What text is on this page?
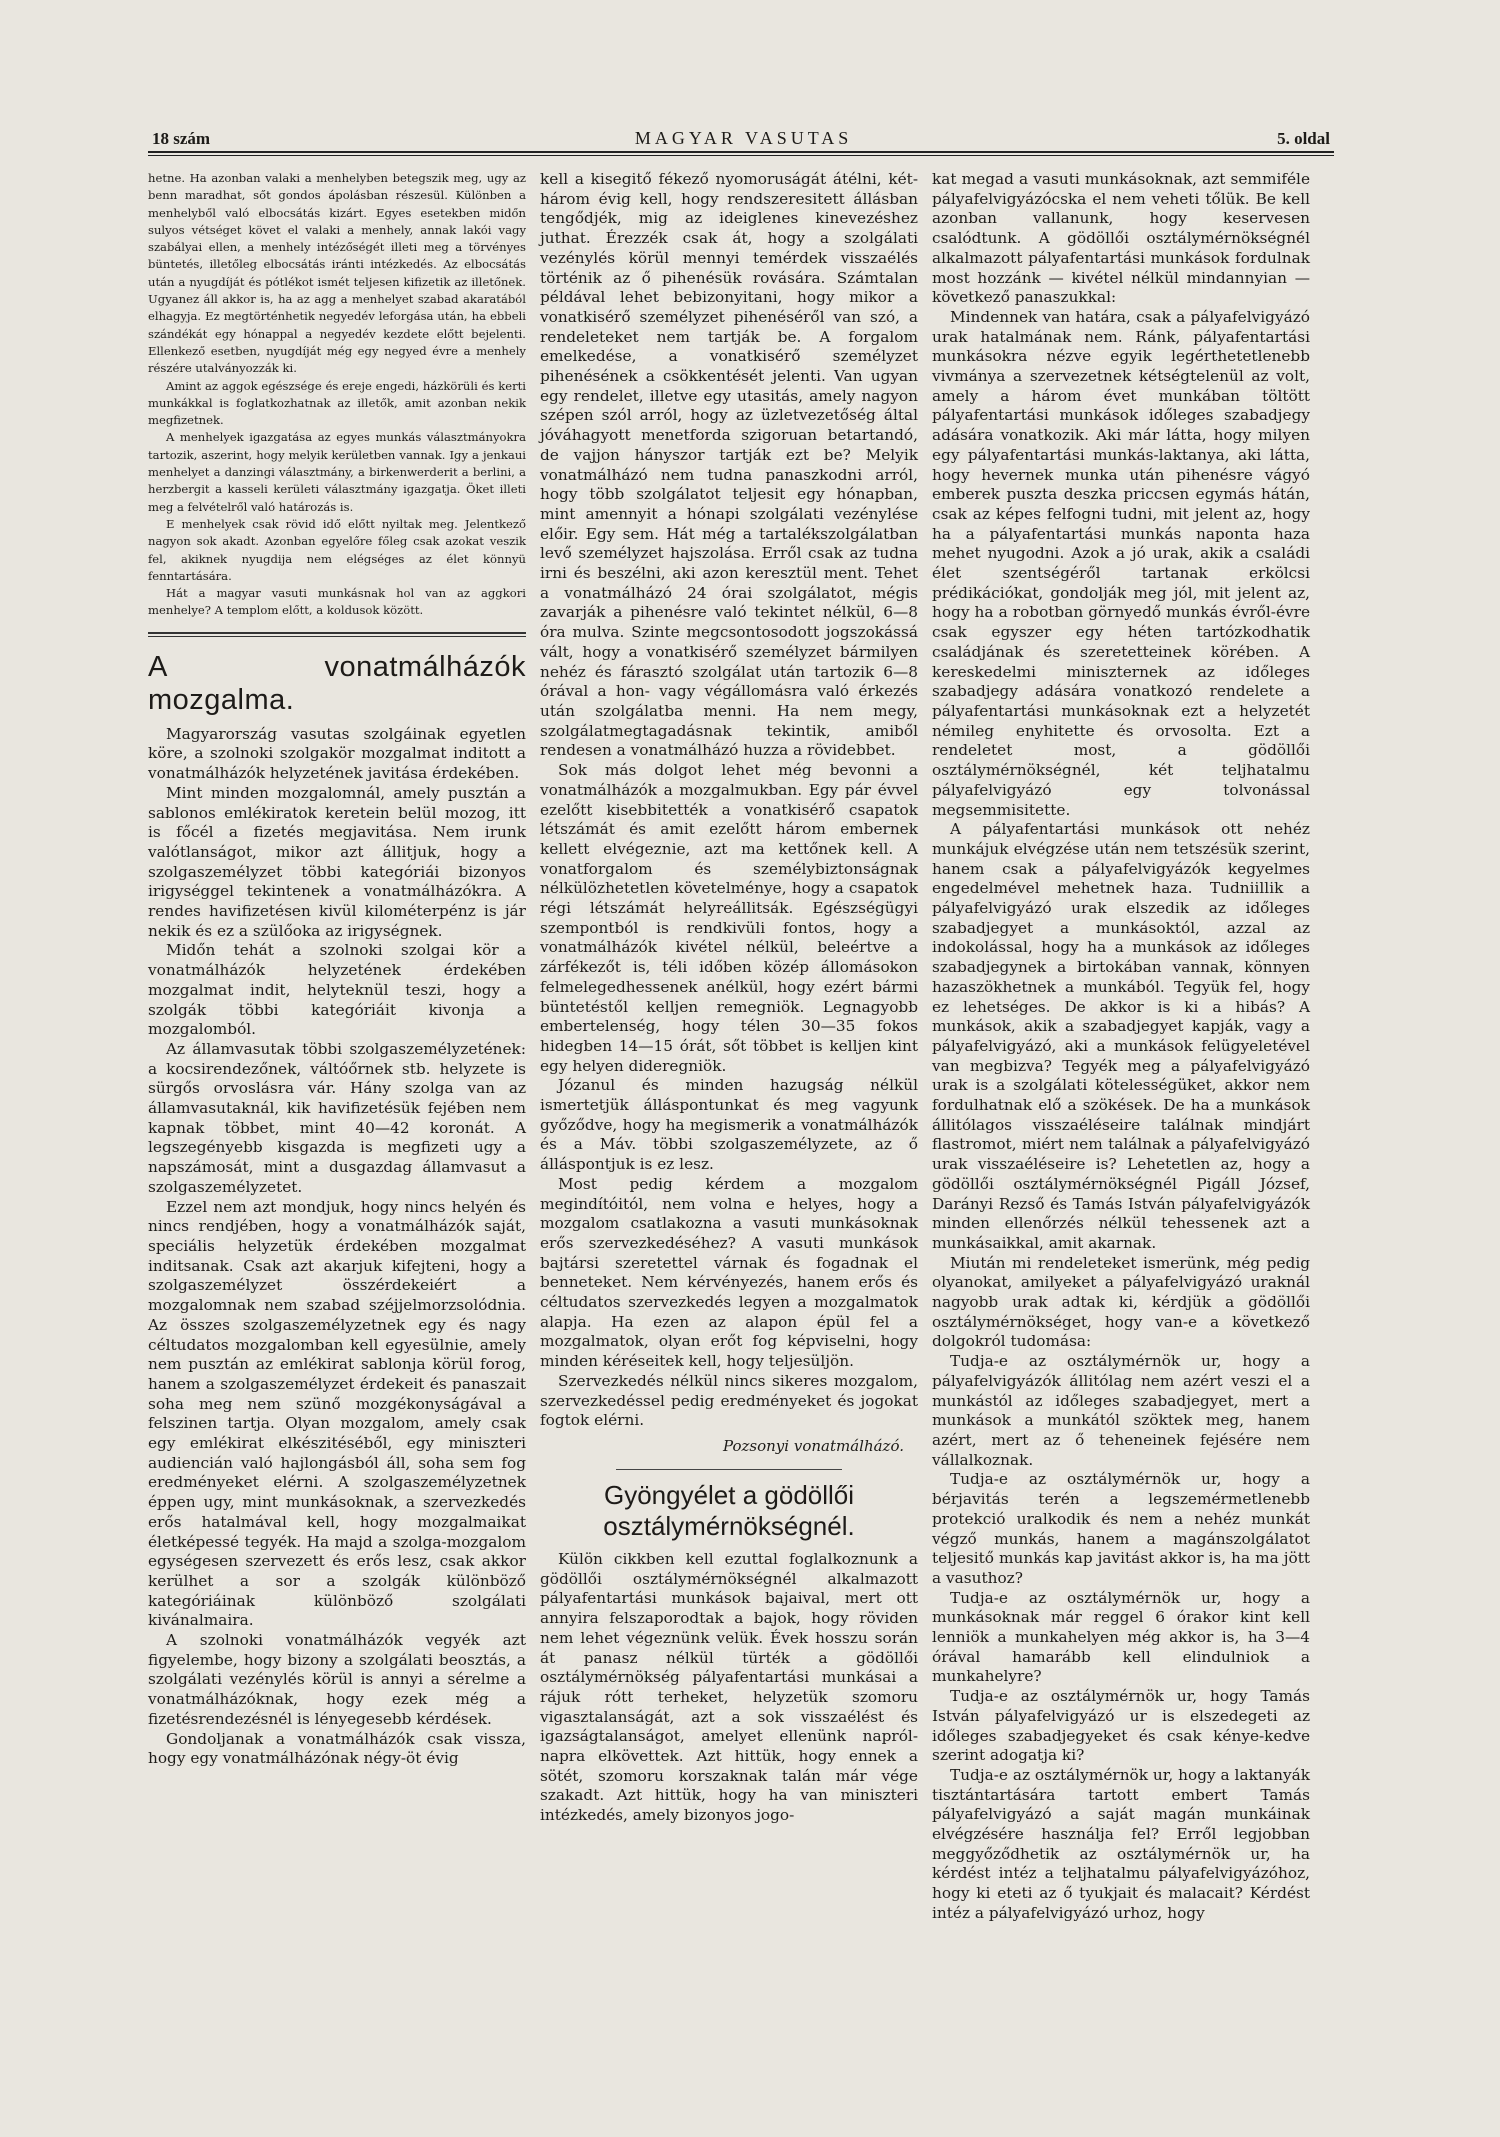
18 szám	MAGYAR VASUTAS	5. oldal

hetne. Ha azonban valaki a menhelyben betegszik meg, ugy az benn maradhat, sőt gondos ápolásban részesül. Különben a menhelyből való elbocsátás kizárt. Egyes esetekben midőn sulyos vétséget követ el valaki a menhely, annak lakói vagy szabályai ellen, a menhely intézőségét illeti meg a törvényes büntetés, illetőleg elbocsátás iránti intézkedés. Az elbocsátás után a nyugdíját és pótlékot ismét teljesen kifizetik az illetőnek. Ugyanez áll akkor is, ha az agg a menhelyet szabad akaratából elhagyja. Ez megtörténhetik negyedév leforgása után, ha ebbeli szándékát egy hónappal a negyedév kezdete előtt bejelenti. Ellenkező esetben, nyugdíját még egy negyed évre a menhely részére utalványozzák ki.

Amint az aggok egészsége és ereje engedi, házkörüli és kerti munkákkal is foglatkozhatnak az illetők, amit azonban nekik megfizetnek.

A menhelyek igazgatása az egyes munkás választmányokra tartozik, aszerint, hogy melyik kerületben vannak. Igy a jenkaui menhelyet a danzingi választmány, a birkenwerderit a berlini, a herzbergit a kasseli kerületi választmány igazgatja. Öket illeti meg a felvételről való határozás is.

E menhelyek csak rövid idő előtt nyiltak meg. Jelentkező nagyon sok akadt. Azonban egyelőre főleg csak azokat veszik fel, akiknek nyugdija nem elégséges az élet könnyü fenntartására.

Hát a magyar vasuti munkásnak hol van az aggkori menhelye? A templom előtt, a koldusok között.

A vonatmálházók mozgalma.

Magyarország vasutas szolgáinak egyetlen köre, a szolnoki szolgakör mozgalmat inditott a vonatmálházók helyzetének javitása érdekében.

Mint minden mozgalomnál, amely pusztán a sablonos emlékiratok keretein belül mozog, itt is főcél a fizetés megjavitása. Nem irunk valótlanságot, mikor azt állitjuk, hogy a szolgaszemélyzet többi kategóriái bizonyos irigységgel tekintenek a vonatmálházókra. A rendes havifizetésen kivül kilométerpénz is jár nekik és ez a szülőoka az irigységnek.

Midőn tehát a szolnoki szolgai kör a vonatmálházók helyzetének érdekében mozgalmat indit, helyteknül teszi, hogy a szolgák többi kategóriáit kivonja a mozgalomból.

Az államvasutak többi szolgaszemélyzetének: a kocsirendezőnek, váltóőrnek stb. helyzete is sürgős orvoslásra vár. Hány szolga van az államvasutaknál, kik havifizetésük fejében nem kapnak többet, mint 40—42 koronát. A legszegényebb kisgazda is megfizeti ugy a napszámosát, mint a dusgazdag államvasut a szolgaszemélyzetet.

Ezzel nem azt mondjuk, hogy nincs helyén és nincs rendjében, hogy a vonatmálházók saját, speciális helyzetük érdekében mozgalmat inditsanak. Csak azt akarjuk kifejteni, hogy a szolgaszemélyzet összérdekeiért a mozgalomnak nem szabad széjjelmorzsolódnia. Az összes szolgaszemélyzetnek egy és nagy céltudatos mozgalomban kell egyesülnie, amely nem pusztán az emlékirat sablonja körül forog, hanem a szolgaszemélyzet érdekeit és panaszait soha meg nem szünő mozgékonyságával a felszinen tartja. Olyan mozgalom, amely csak egy emlékirat elkészitéséből, egy miniszteri audiencián való hajlongásból áll, soha sem fog eredményeket elérni. A szolgaszemélyzetnek éppen ugy, mint munkásoknak, a szervezkedés erős hatalmával kell, hogy mozgalmaikat életképessé tegyék. Ha majd a szolga-mozgalom egységesen szervezett és erős lesz, csak akkor kerülhet a sor a szolgák különböző kategóriáinak különböző szolgálati kivánalmaira.

A szolnoki vonatmálházók vegyék azt figyelembe, hogy bizony a szolgálati beosztás, a szolgálati vezénylés körül is annyi a sérelme a vonatmálházóknak, hogy ezek még a fizetésrendezésnél is lényegesebb kérdések.

Gondoljanak a vonatmálházók csak vissza, hogy egy vonatmálházónak négy-öt évig

kell a kisegitő fékező nyomoruságát átélni, két-három évig kell, hogy rendszeresitett állásban tengődjék, mig az ideiglenes kinevezéshez juthat. Érezzék csak át, hogy a szolgálati vezénylés körül mennyi temérdek visszaélés történik az ő pihenésük rovására. Számtalan példával lehet bebizonyitani, hogy mikor a vonatkisérő személyzet pihenéséről van szó, a rendeleteket nem tartják be. A forgalom emelkedése, a vonatkisérő személyzet pihenésének a csökkentését jelenti. Van ugyan egy rendelet, illetve egy utasitás, amely nagyon szépen szól arról, hogy az üzletvezetőség által jóváhagyott menetforda szigoruan betartandó, de vajjon hányszor tartják ezt be? Melyik vonatmálházó nem tudna panaszkodni arról, hogy több szolgálatot teljesit egy hónapban, mint amennyit a hónapi szolgálati vezénylése előir. Egy sem. Hát még a tartalékszolgálatban levő személyzet hajszolása. Erről csak az tudna irni és beszélni, aki azon keresztül ment. Tehet a vonatmálházó 24 órai szolgálatot, mégis zavarják a pihenésre való tekintet nélkül, 6—8 óra mulva. Szinte megcsontosodott jogszokássá vált, hogy a vonatkisérő személyzet bármilyen nehéz és fárasztó szolgálat után tartozik 6—8 órával a hon- vagy végállomásra való érkezés után szolgálatba menni. Ha nem megy, szolgálatmegtagadásnak tekintik, amiből rendesen a vonatmálházó huzza a rövidebbet.

Sok más dolgot lehet még bevonni a vonatmálházók a mozgalmukban. Egy pár évvel ezelőtt kisebbitették a vonatkisérő csapatok létszámát és amit ezelőtt három embernek kellett elvégeznie, azt ma kettőnek kell. A vonatforgalom és személybiztonságnak nélkülözhetetlen követelménye, hogy a csapatok régi létszámát helyreállitsák. Egészségügyi szempontból is rendkivüli fontos, hogy a vonatmálházók kivétel nélkül, beleértve a zárfékezőt is, téli időben közép állomásokon felmelegedhessenek anélkül, hogy ezért bármi büntetéstől kelljen remegniök. Legnagyobb embertelenség, hogy télen 30—35 fokos hidegben 14—15 órát, sőt többet is kelljen kint egy helyen dideregniök.

Józanul és minden hazugság nélkül ismertetjük álláspontunkat és meg vagyunk győződve, hogy ha megismerik a vonatmálházók és a Máv. többi szolgaszemélyzete, az ő álláspontjuk is ez lesz.

Most pedig kérdem a mozgalom megindítóitól, nem volna e helyes, hogy a mozgalom csatlakozna a vasuti munkásoknak erős szervezkedéséhez? A vasuti munkások bajtársi szeretettel várnak és fogadnak el benneteket. Nem kérvényezés, hanem erős és céltudatos szervezkedés legyen a mozgalmatok alapja. Ha ezen az alapon épül fel a mozgalmatok, olyan erőt fog képviselni, hogy minden kéréseitek kell, hogy teljesüljön.

Szervezkedés nélkül nincs sikeres mozgalom, szervezkedéssel pedig eredményeket és jogokat fogtok elérni.

Pozsonyi vonatmálházó.
Gyöngyélet a gödöllői
osztálymérnökségnél.

Külön cikkben kell ezuttal foglalkoznunk a gödöllői osztálymérnökségnél alkalmazott pályafentartási munkások bajaival, mert ott annyira felszaporodtak a bajok, hogy röviden nem lehet végeznünk velük. Évek hosszu során át panasz nélkül türték a gödöllői osztálymérnökség pályafentartási munkásai a rájuk rótt terheket, helyzetük szomoru vigasztalanságát, azt a sok visszaélést és igazságtalanságot, amelyet ellenünk napról-napra elkövettek. Azt hittük, hogy ennek a sötét, szomoru korszaknak talán már vége szakadt. Azt hittük, hogy ha van miniszteri intézkedés, amely bizonyos jogo-

kat megad a vasuti munkásoknak, azt semmiféle pályafelvigyázócska el nem veheti tőlük. Be kell azonban vallanunk, hogy keservesen csalódtunk. A gödöllői osztálymérnökségnél alkalmazott pályafentartási munkások fordulnak most hozzánk — kivétel nélkül mindannyian — következő panaszukkal:

Mindennek van határa, csak a pályafelvigyázó urak hatalmának nem. Ránk, pályafentartási munkásokra nézve egyik legérthetetlenebb vivmánya a szervezetnek kétségtelenül az volt, amely a három évet munkában töltött pályafentartási munkások időleges szabadjegy adására vonatkozik. Aki már látta, hogy milyen egy pályafentartási munkás-laktanya, aki látta, hogy hevernek munka után pihenésre vágyó emberek puszta deszka priccsen egymás hátán, csak az képes felfogni tudni, mit jelent az, hogy ha a pályafentartási munkás naponta haza mehet nyugodni. Azok a jó urak, akik a családi élet szentségéről tartanak erkölcsi prédikációkat, gondolják meg jól, mit jelent az, hogy ha a robotban görnyedő munkás évről-évre csak egyszer egy héten tartózkodhatik családjának és szeretetteinek körében. A kereskedelmi miniszternek az időleges szabadjegy adására vonatkozó rendelete a pályafentartási munkásoknak ezt a helyzetét némileg enyhitette és orvosolta. Ezt a rendeletet most, a gödöllői osztálymérnökségnél, két teljhatalmu pályafelvigyázó egy tolvonással megsemmisitette.

A pályafentartási munkások ott nehéz munkájuk elvégzése után nem tetszésük szerint, hanem csak a pályafelvigyázók kegyelmes engedelmével mehetnek haza. Tudniillik a pályafelvigyázó urak elszedik az időleges szabadjegyet a munkásoktól, azzal az indokolással, hogy ha a munkások az időleges szabadjegynek a birtokában vannak, könnyen hazaszökhetnek a munkából. Tegyük fel, hogy ez lehetséges. De akkor is ki a hibás? A munkások, akik a szabadjegyet kapják, vagy a pályafelvigyázó, aki a munkások felügyeletével van megbizva? Tegyék meg a pályafelvigyázó urak is a szolgálati kötelességüket, akkor nem fordulhatnak elő a szökések. De ha a munkások állitólagos visszaéléseire találnak mindjárt flastromot, miért nem találnak a pályafelvigyázó urak visszaéléseire is? Lehetetlen az, hogy a gödöllői osztálymérnökségnél Pigáll József, Darányi Rezső és Tamás István pályafelvigyázók minden ellenőrzés nélkül tehessenek azt a munkásaikkal, amit akarnak.

Miután mi rendeleteket ismerünk, még pedig olyanokat, amilyeket a pályafelvigyázó uraknál nagyobb urak adtak ki, kérdjük a gödöllői osztálymérnökséget, hogy van-e a következő dolgokról tudomása:

Tudja-e az osztálymérnök ur, hogy a pályafelvigyázók állitólag nem azért veszi el a munkástól az időleges szabadjegyet, mert a munkások a munkától szöktek meg, hanem azért, mert az ő teheneinek fejésére nem vállalkoznak.

Tudja-e az osztálymérnök ur, hogy a bérjavitás terén a legszemérmetlenebb protekció uralkodik és nem a nehéz munkát végző munkás, hanem a magánszolgálatot teljesitő munkás kap javitást akkor is, ha ma jött a vasuthoz?

Tudja-e az osztálymérnök ur, hogy a munkásoknak már reggel 6 órakor kint kell lenniök a munkahelyen még akkor is, ha 3—4 órával hamarább kell elindulniok a munkahelyre?

Tudja-e az osztálymérnök ur, hogy Tamás István pályafelvigyázó ur is elszedegeti az időleges szabadjegyeket és csak kénye-kedve szerint adogatja ki?

Tudja-e az osztálymérnök ur, hogy a laktanyák tisztántartására tartott embert Tamás pályafelvigyázó a saját magán munkáinak elvégzésére használja fel? Erről legjobban meggyőződhetik az osztálymérnök ur, ha kérdést intéz a teljhatalmu pályafelvigyázóhoz, hogy ki eteti az ő tyukjait és malacait? Kérdést intéz a pályafelvigyázó urhoz, hogy
